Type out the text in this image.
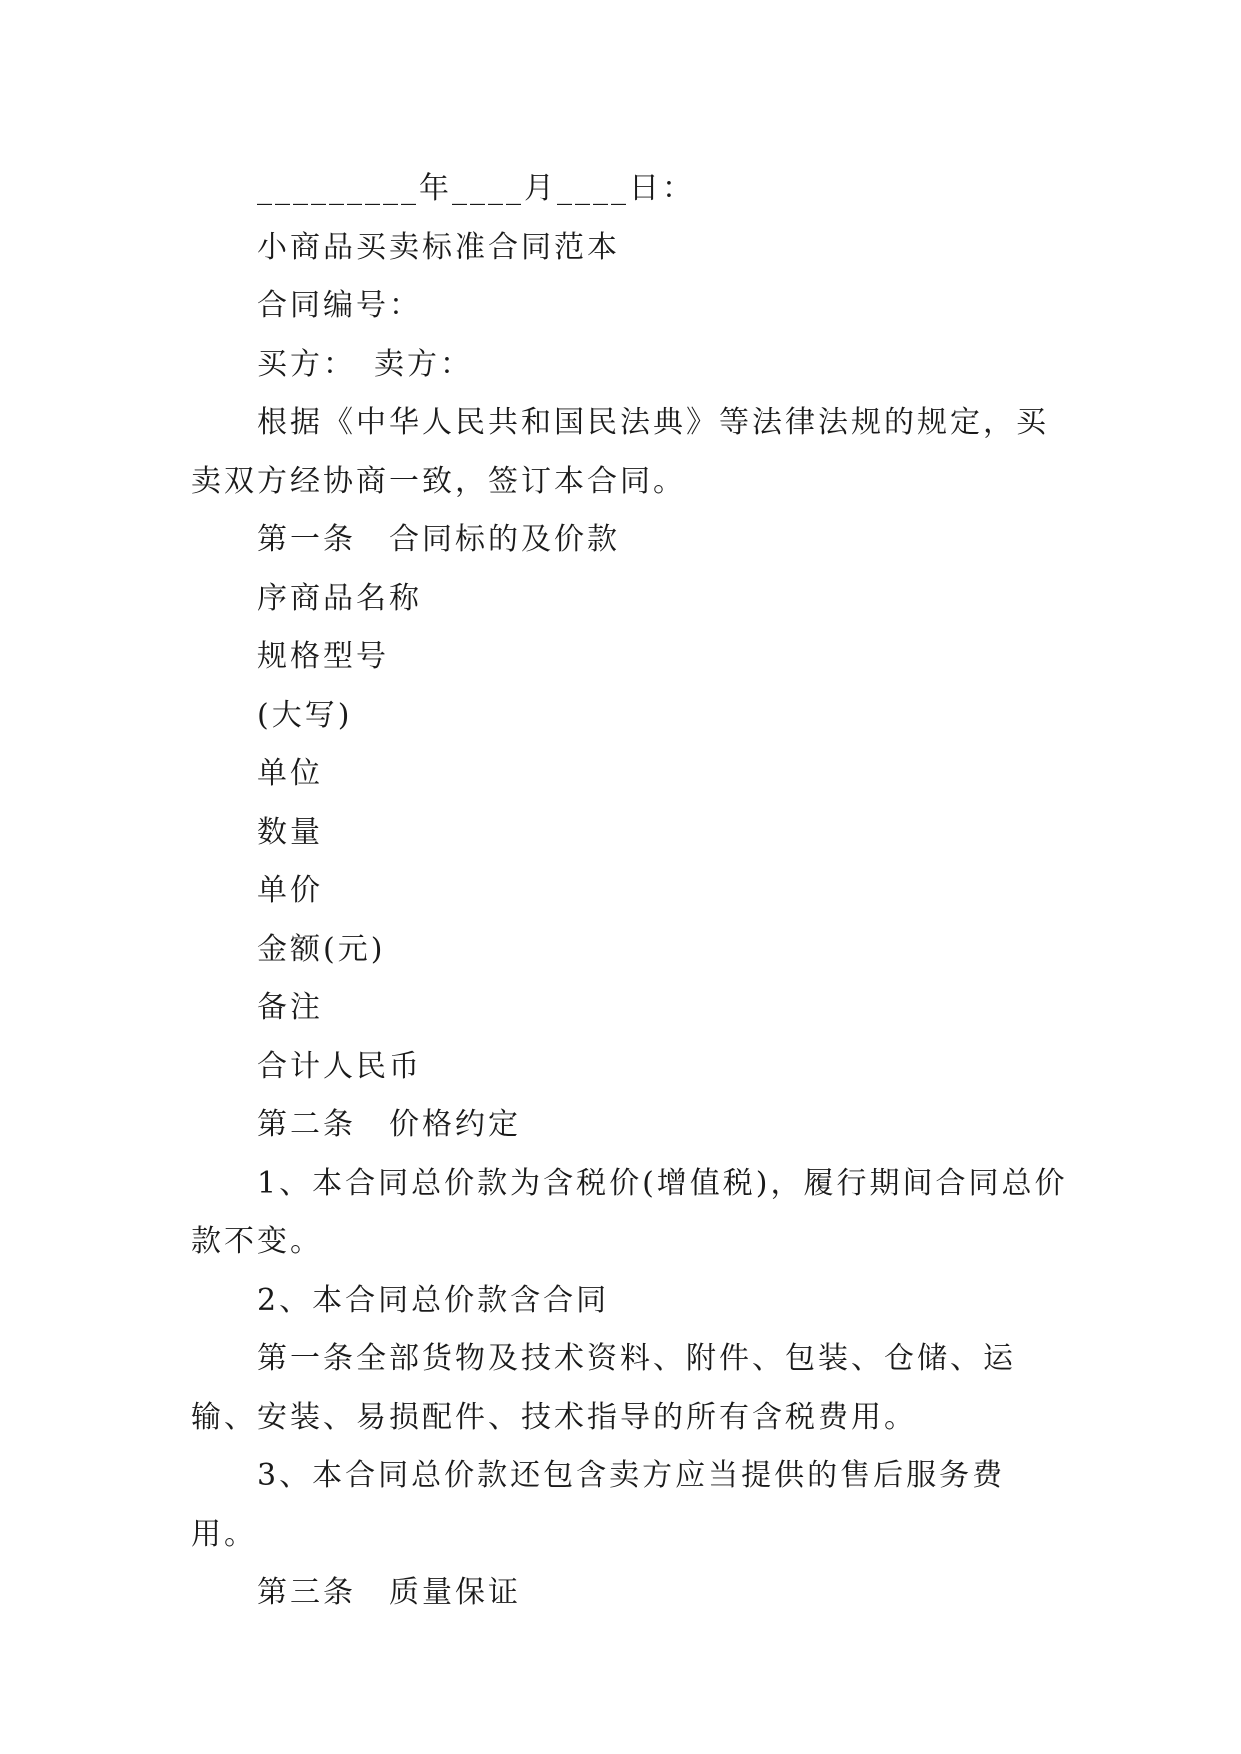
_________年____月____日：

小商品买卖标准合同范本

合同编号：

买方：　卖方：

根据《中华人民共和国民法典》等法律法规的规定，买卖双方经协商一致，签订本合同。

第一条　合同标的及价款

序商品名称

规格型号

(大写)

单位

数量

单价

金额(元)

备注

合计人民币

第二条　价格约定

1、本合同总价款为含税价(增值税)，履行期间合同总价款不变。

2、本合同总价款含合同

第一条全部货物及技术资料、附件、包装、仓储、运输、安装、易损配件、技术指导的所有含税费用。

3、本合同总价款还包含卖方应当提供的售后服务费用。

第三条　质量保证
